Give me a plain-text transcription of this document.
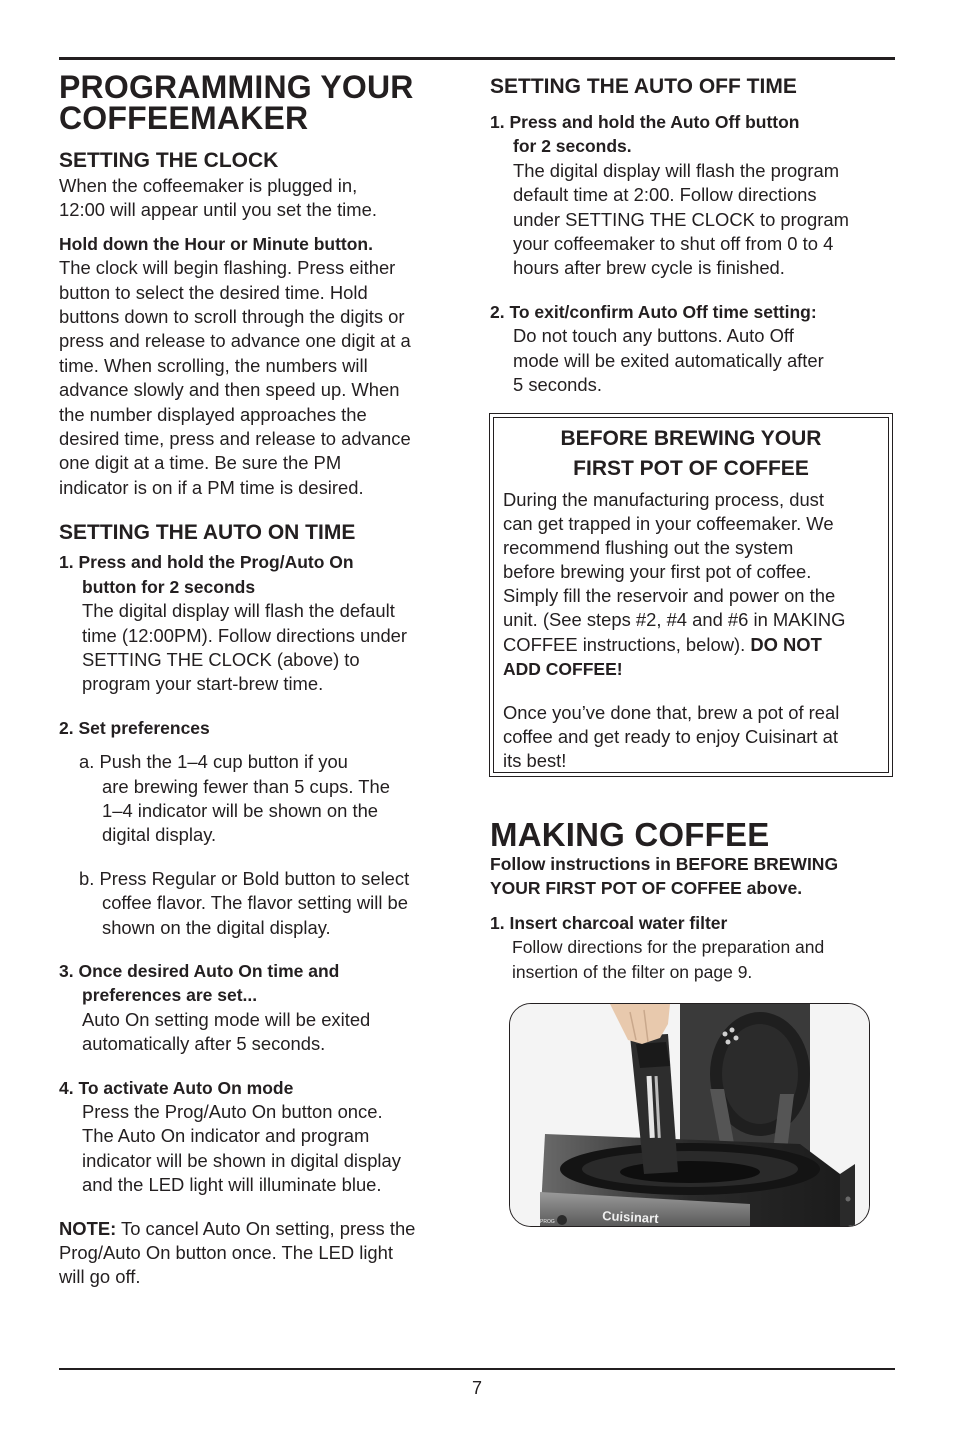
PROGRAMMING YOUR
COFFEEMAKER
SETTING THE CLOCK

When the coffeemaker is plugged in,
12:00 will appear until you set the time.

Hold down the Hour or Minute button.
The clock will begin flashing. Press either
button to select the desired time. Hold
buttons down to scroll through the digits or
press and release to advance one digit at a
time. When scrolling, the numbers will
advance slowly and then speed up. When
the number displayed approaches the
desired time, press and release to advance
one digit at a time. Be sure the PM
indicator is on if a PM time is desired.

SETTING THE AUTO ON TIME

1. Press and hold the Prog/Auto On
button for 2 seconds
The digital display will flash the default
time (12:00PM). Follow directions under
SETTING THE CLOCK (above) to
program your start-brew time.

2. Set preferences

a. Push the 1–4 cup button if you
are brewing fewer than 5 cups. The
1–4 indicator will be shown on the
digital display.

b. Press Regular or Bold button to select
coffee flavor. The flavor setting will be
shown on the digital display.

3. Once desired Auto On time and
preferences are set...
Auto On setting mode will be exited
automatically after 5 seconds.

4. To activate Auto On mode
Press the Prog/Auto On button once.
The Auto On indicator and program
indicator will be shown in digital display
and the LED light will illuminate blue.

NOTE: To cancel Auto On setting, press the
Prog/Auto On button once. The LED light
will go off.

SETTING THE AUTO OFF TIME

1. Press and hold the Auto Off button
for 2 seconds.
The digital display will flash the program
default time at 2:00. Follow directions
under SETTING THE CLOCK to program
your coffeemaker to shut off from 0 to 4
hours after brew cycle is finished.

2. To exit/confirm Auto Off time setting:
Do not touch any buttons. Auto Off
mode will be exited automatically after
5 seconds.

BEFORE BREWING YOUR
FIRST POT OF COFFEE

During the manufacturing process, dust
can get trapped in your coffeemaker. We
recommend flushing out the system
before brewing your first pot of coffee.
Simply fill the reservoir and power on the
unit. (See steps #2, #4 and #6 in MAKING
COFFEE instructions, below). DO NOT
ADD COFFEE!

Once you’ve done that, brew a pot of real
coffee and get ready to enjoy Cuisinart at
its best!

MAKING COFFEE

Follow instructions in BEFORE BREWING
YOUR FIRST POT OF COFFEE above.

1. Insert charcoal water filter
Follow directions for the preparation and
insertion of the filter on page 9.

Cuisinart
PROG
7
